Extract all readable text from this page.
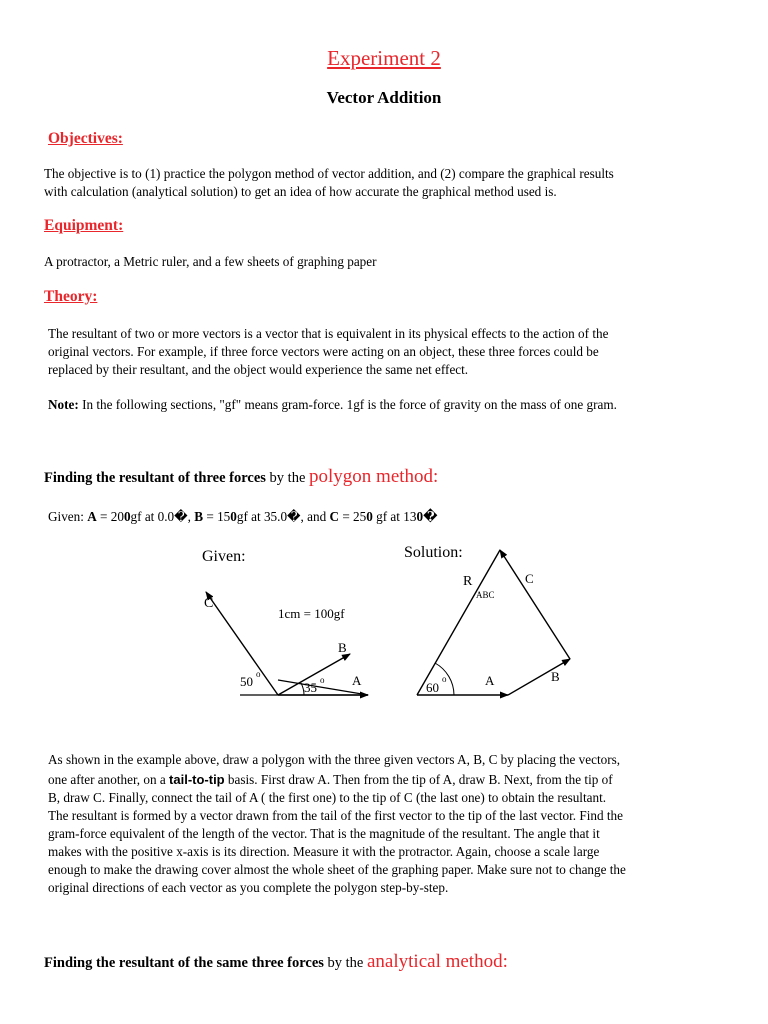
Experiment 2
Vector Addition
Objectives:
The objective is to (1) practice the polygon method of vector addition, and (2) compare the graphical results
with calculation (analytical solution) to get an idea of how accurate the graphical method used is.
Equipment:
A protractor, a Metric ruler, and a few sheets of graphing paper
Theory:
The resultant of two or more vectors is a vector that is equivalent in its physical effects to the action of the
original vectors. For example, if three force vectors were acting on an object, these three forces could be
replaced by their resultant, and the object would experience the same net effect.
Note: In the following sections, "gf" means gram-force. 1gf is the force of gravity on the mass of one gram.
Finding the resultant of three forces by the polygon method:
Given: A = 200gf at 0.0�, B = 150gf at 35.0�, and C = 250 gf at 130�
Given:
1cm = 100gf
C
B
A
50 o
35 o
Solution:
R
ABC
C
A	B
60
o
As shown in the example above, draw a polygon with the three given vectors A, B, C by placing the vectors,
one after another, on a tail-to-tip basis. First draw A. Then from the tip of A, draw B. Next, from the tip of
B, draw C. Finally, connect the tail of A ( the first one) to the tip of C (the last one) to obtain the resultant.
The resultant is formed by a vector drawn from the tail of the first vector to the tip of the last vector. Find the
gram-force equivalent of the length of the vector. That is the magnitude of the resultant. The angle that it
makes with the positive x-axis is its direction. Measure it with the protractor. Again, choose a scale large
enough to make the drawing cover almost the whole sheet of the graphing paper. Make sure not to change the
original directions of each vector as you complete the polygon step-by-step.
Finding the resultant of the same three forces by the analytical method:
